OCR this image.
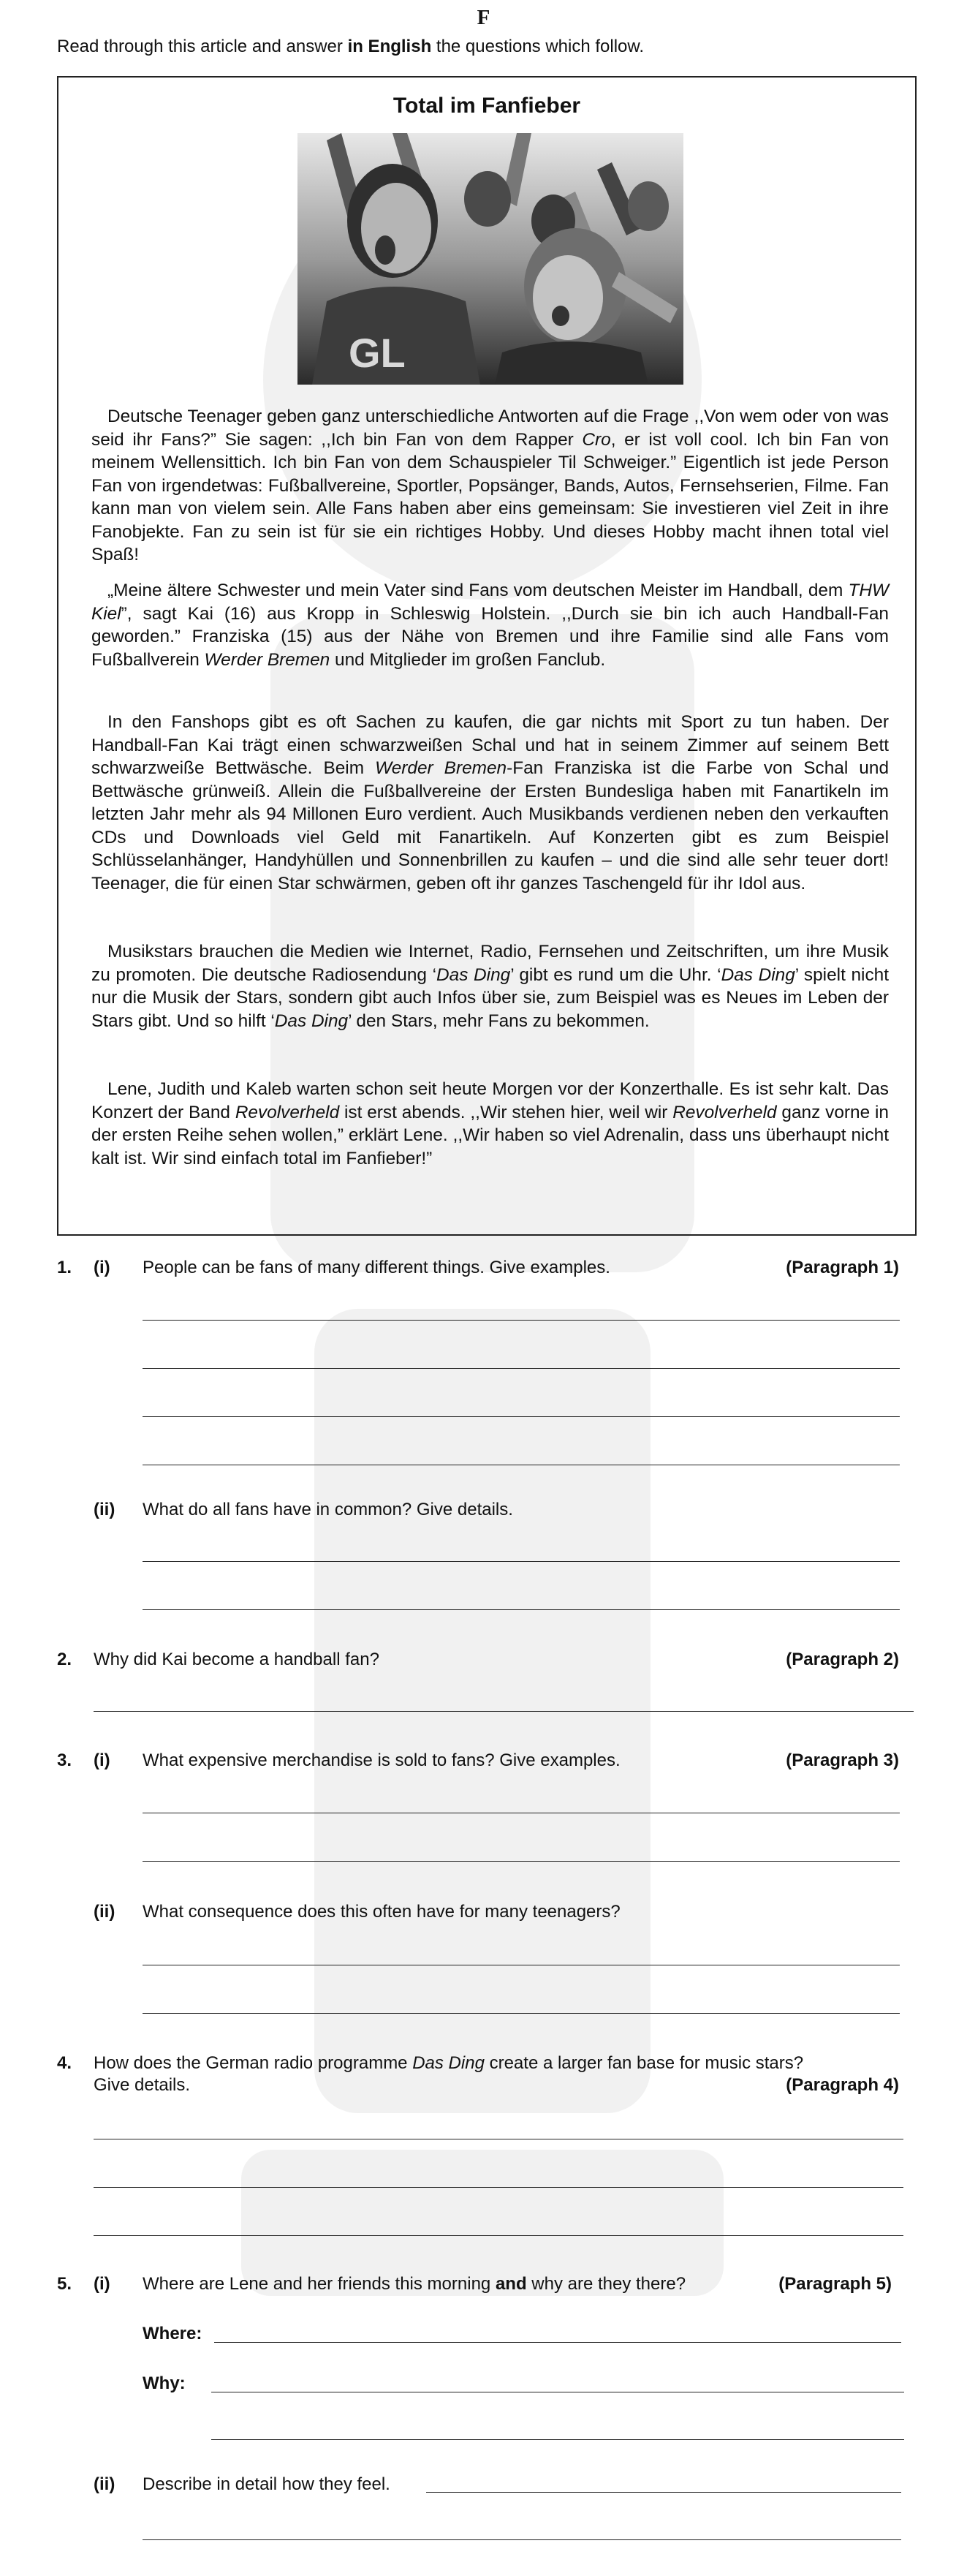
F
Read through this article and answer in English the questions which follow.
Total im Fanfieber
GL

Deutsche Teenager geben ganz unterschiedliche Antworten auf die Frage ,,Von wem oder von was seid ihr Fans?” Sie sagen: ,,Ich bin Fan von dem Rapper Cro, er ist voll cool. Ich bin Fan von meinem Wellensittich. Ich bin Fan von dem Schauspieler Til Schweiger.” Eigentlich ist jede Person Fan von irgendetwas: Fußballvereine, Sportler, Popsänger, Bands, Autos, Fernsehserien, Filme. Fan kann man von vielem sein. Alle Fans haben aber eins gemeinsam: Sie investieren viel Zeit in ihre Fanobjekte. Fan zu sein ist für sie ein richtiges Hobby. Und dieses Hobby macht ihnen total viel Spaß!

„Meine ältere Schwester und mein Vater sind Fans vom deutschen Meister im Handball, dem THW Kiel”, sagt Kai (16) aus Kropp in Schleswig Holstein. ,,Durch sie bin ich auch Handball-Fan geworden.” Franziska (15) aus der Nähe von Bremen und ihre Familie sind alle Fans vom Fußballverein Werder Bremen und Mitglieder im großen Fanclub.

In den Fanshops gibt es oft Sachen zu kaufen, die gar nichts mit Sport zu tun haben. Der Handball-Fan Kai trägt einen schwarzweißen Schal und hat in seinem Zimmer auf seinem Bett schwarzweiße Bettwäsche. Beim Werder Bremen-Fan Franziska ist die Farbe von Schal und Bettwäsche grünweiß. Allein die Fußballvereine der Ersten Bundesliga haben mit Fanartikeln im letzten Jahr mehr als 94 Millonen Euro verdient. Auch Musikbands verdienen neben den verkauften CDs und Downloads viel Geld mit Fanartikeln. Auf Konzerten gibt es zum Beispiel Schlüsselanhänger, Handyhüllen und Sonnenbrillen zu kaufen – und die sind alle sehr teuer dort! Teenager, die für einen Star schwärmen, geben oft ihr ganzes Taschengeld für ihr Idol aus.

Musikstars brauchen die Medien wie Internet, Radio, Fernsehen und Zeitschriften, um ihre Musik zu promoten. Die deutsche Radiosendung ‘Das Ding’ gibt es rund um die Uhr. ‘Das Ding’ spielt nicht nur die Musik der Stars, sondern gibt auch Infos über sie, zum Beispiel was es Neues im Leben der Stars gibt. Und so hilft ‘Das Ding’ den Stars, mehr Fans zu bekommen.

Lene, Judith und Kaleb warten schon seit heute Morgen vor der Konzerthalle. Es ist sehr kalt. Das Konzert der Band Revolverheld ist erst abends. ,,Wir stehen hier, weil wir Revolverheld ganz vorne in der ersten Reihe sehen wollen,” erklärt Lene. ,,Wir haben so viel Adrenalin, dass uns überhaupt nicht kalt ist. Wir sind einfach total im Fanfieber!”

1. (i) People can be fans of many different things. Give examples.	(Paragraph 1)
(ii) What do all fans have in common? Give details.
2. Why did Kai become a handball fan?	(Paragraph 2)
3. (i) What expensive merchandise is sold to fans? Give examples.	(Paragraph 3)
(ii) What consequence does this often have for many teenagers?
4. How does the German radio programme Das Ding create a larger fan base for music stars?
Give details.	(Paragraph 4)
5. (i) Where are Lene and her friends this morning and why are they there?	(Paragraph 5)
Where:
Why:
(ii) Describe in detail how they feel.
